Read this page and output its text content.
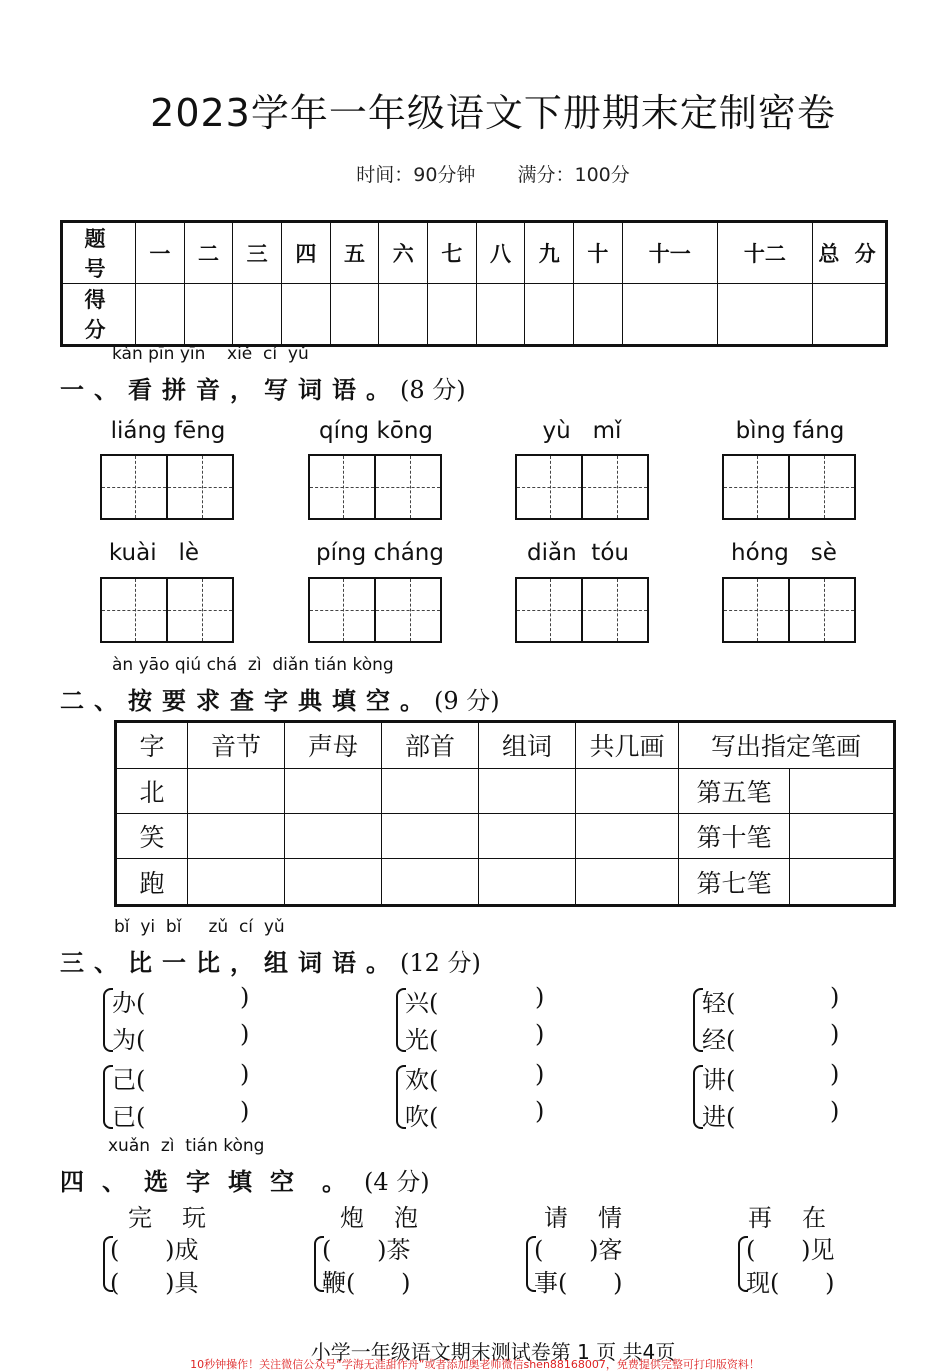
2023学年一年级语文下册期末定制密卷
时间：90分钟 满分：100分
题 号	一	二	三	四	五	六	七	八	九	十	十一	十二	总 分
得 分													
kàn pīn yīn    xiě  cí  yǔ
一、看拼音，写词语。(8 分)
liáng fēng	qíng kōng	yù   mǐ	bìng fáng
kuài   lè	píng cháng	diǎn  tóu	hóng   sè
àn yāo qiú chá  zì  diǎn tián kòng
二、按要求查字典填空。(9 分)
字	音节	声母	部首	组词	共几画	写出指定笔画	
北						第五笔	
笑						第十笔	
跑						第七笔	
bǐ  yi  bǐ     zǔ  cí  yǔ
三、比一比，组词语。(12 分)
办(
为(
)
)
兴(
光(
)
)
轻(
经(
)
)
己(
已(
)
)
欢(
吹(
)
)
讲(
进(
)
)
xuǎn  zì  tián kòng
四、选字填空 。(4 分)
完玩	炮泡	请情	再在
(      )成
(      )具
(      )茶
鞭(      )
(      )客
事(      )
(      )见
现(      )
小学一年级语文期末测试卷第 1 页 共4页
10秒钟操作！关注微信公众号“学海无涯甜作舟”或者添加奥老师微信shen88168007，免费提供完整可打印版资料！
